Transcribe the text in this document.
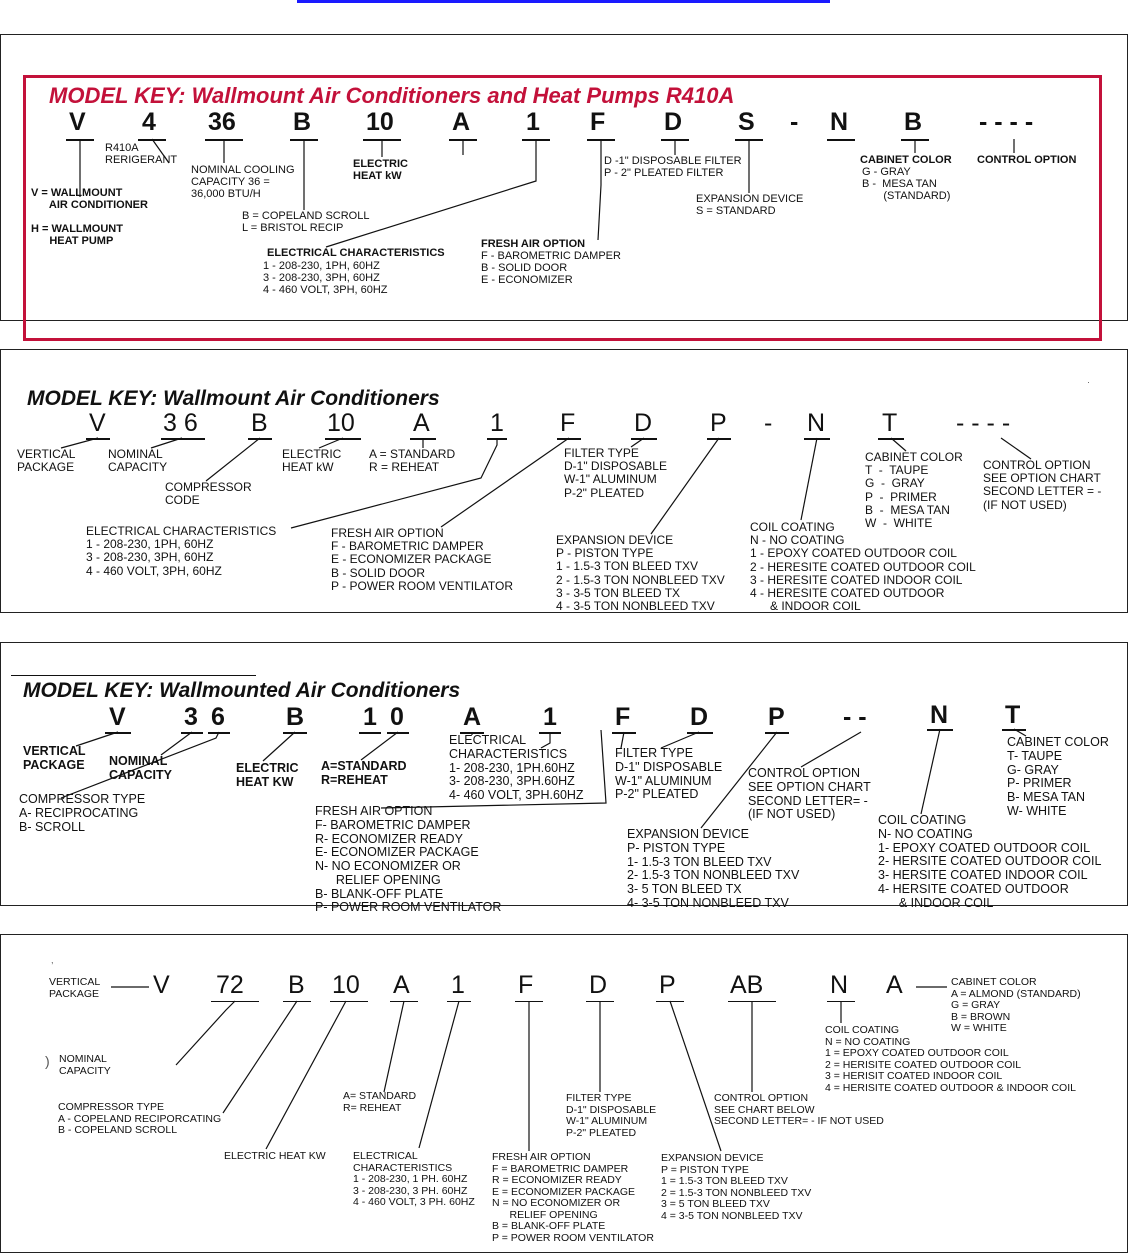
MODEL KEY: Wallmount Air Conditioners and Heat Pumps R410A
V 4 36 B 10 A 1 F D S - N B - - - -
V = WALLMOUNT
AIR CONDITIONER

H = WALLMOUNT
HEAT PUMP
R410A
RERIGERANT
NOMINAL COOLING
CAPACITY 36 =
36,000 BTU/H
B = COPELAND SCROLL
L = BRISTOL RECIP
ELECTRIC
HEAT kW
ELECTRICAL CHARACTERISTICS
1 - 208-230, 1PH, 60HZ
3 - 208-230, 3PH, 60HZ
4 - 460 VOLT, 3PH, 60HZ
FRESH AIR OPTION
F - BAROMETRIC DAMPER
B - SOLID DOOR
E - ECONOMIZER
D -1" DISPOSABLE FILTER
P - 2" PLEATED FILTER
EXPANSION DEVICE
S = STANDARD
CABINET COLOR
G - GRAY
B -  MESA TAN
(STANDARD)
CONTROL OPTION
MODEL KEY: Wallmount Air Conditioners
V 3 6 B 10 A 1 F D P - N T - - - -
VERTICAL
PACKAGE
NOMINAL
CAPACITY
COMPRESSOR
CODE
ELECTRIC
HEAT kW
A = STANDARD
R = REHEAT
ELECTRICAL CHARACTERISTICS
1 - 208-230, 1PH, 60HZ
3 - 208-230, 3PH, 60HZ
4 - 460 VOLT, 3PH, 60HZ
FRESH AIR OPTION
F - BAROMETRIC DAMPER
E - ECONOMIZER PACKAGE
B - SOLID DOOR
P - POWER ROOM VENTILATOR
FILTER TYPE
D-1" DISPOSABLE
W-1" ALUMINUM
P-2" PLEATED
EXPANSION DEVICE
P - PISTON TYPE
1 - 1.5-3 TON BLEED TXV
2 - 1.5-3 TON NONBLEED TXV
3 - 3-5 TON BLEED TX
4 - 3-5 TON NONBLEED TXV
COIL COATING
N - NO COATING
1 - EPOXY COATED OUTDOOR COIL
2 - HERESITE COATED OUTDOOR COIL
3 - HERESITE COATED INDOOR COIL
4 - HERESITE COATED OUTDOOR
& INDOOR COIL
CABINET COLOR
T  -  TAUPE
G  -  GRAY
P  -  PRIMER
B  -  MESA TAN
W  -  WHITE
CONTROL OPTION
SEE OPTION CHART
SECOND LETTER = -
(IF NOT USED)
·
MODEL KEY: Wallmounted Air Conditioners
V 3 6 B 1 0 A 1 F D P - -	N T
VERTICAL
PACKAGE NOMINAL
CAPACITY	ELECTRIC
HEAT KW
A=STANDARD
R=REHEAT
ELECTRICAL
CHARACTERISTICS
1- 208-230, 1PH.60HZ
3- 208-230, 3PH.60HZ
4- 460 VOLT, 3PH.60HZ
COMPRESSOR TYPE
A- RECIPROCATING
B- SCROLL
FRESH AIR OPTION
F- BAROMETRIC DAMPER
R- ECONOMIZER READY
E- ECONOMIZER PACKAGE
N- NO ECONOMIZER OR
RELIEF OPENING
B- BLANK-OFF PLATE
P- POWER ROOM VENTILATOR
FILTER TYPE
D-1" DISPOSABLE
W-1" ALUMINUM
P-2" PLEATED
CONTROL OPTION
SEE OPTION CHART
SECOND LETTER= -
(IF NOT USED)
EXPANSION DEVICE
P- PISTON TYPE
1- 1.5-3 TON BLEED TXV
2- 1.5-3 TON NONBLEED TXV
3- 5 TON BLEED TX
4- 3-5 TON NONBLEED TXV
COIL COATING
N- NO COATING
1- EPOXY COATED OUTDOOR COIL
2- HERSITE COATED OUTDOOR COIL
3- HERSITE COATED INDOOR COIL
4- HERSITE COATED OUTDOOR
& INDOOR COIL
CABINET COLOR
T- TAUPE
G- GRAY
P- PRIMER
B- MESA TAN
W- WHITE
VERTICAL
PACKAGE V 72 B 10 A 1 F D P AB	N A
NOMINAL
CAPACITY
COMPRESSOR TYPE
A - COPELAND RECIPORCATING
B - COPELAND SCROLL
ELECTRIC HEAT KW
A= STANDARD
R= REHEAT
ELECTRICAL
CHARACTERISTICS
1 - 208-230, 1 PH. 60HZ
3 - 208-230, 3 PH. 60HZ
4 - 460 VOLT, 3 PH. 60HZ
FRESH AIR OPTION
F = BAROMETRIC DAMPER
R = ECONOMIZER READY
E = ECONOMIZER PACKAGE
N = NO ECONOMIZER OR
RELIEF OPENING
B = BLANK-OFF PLATE
P = POWER ROOM VENTILATOR
FILTER TYPE
D-1" DISPOSABLE
W-1" ALUMINUM
P-2" PLEATED
EXPANSION DEVICE
P = PISTON TYPE
1 = 1.5-3 TON BLEED TXV
2 = 1.5-3 TON NONBLEED TXV
3 = 5 TON BLEED TXV
4 = 3-5 TON NONBLEED TXV
CONTROL OPTION
SEE CHART BELOW
SECOND LETTER= - IF NOT USED
COIL COATING
N = NO COATING
1 = EPOXY COATED OUTDOOR COIL
2 = HERISITE COATED OUTDOOR COIL
3 = HERISIT COATED INDOOR COIL
4 = HERISITE COATED OUTDOOR & INDOOR COIL
CABINET COLOR
A = ALMOND (STANDARD)
G = GRAY
B = BROWN
W = WHITE
)
,
